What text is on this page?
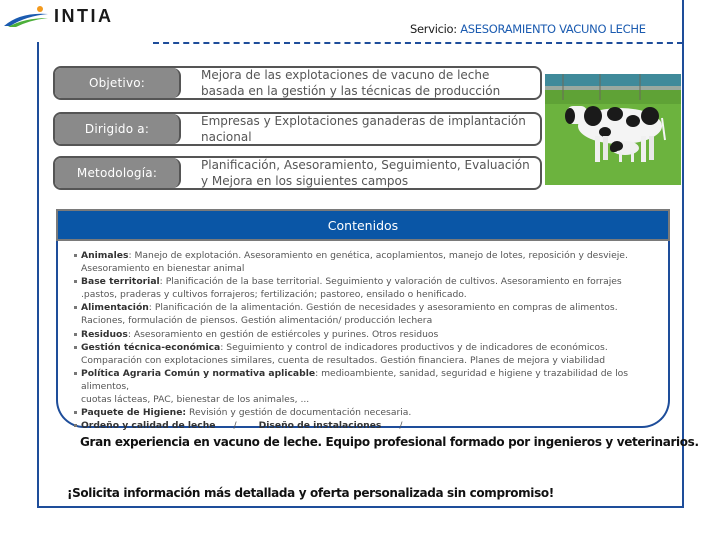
INTIA
Servicio: ASESORAMIENTO VACUNO LECHE
Objetivo:
Mejora de las explotaciones de vacuno de leche
basada en la gestión y las técnicas de producción
Dirigido a:
Empresas y Explotaciones ganaderas de implantación
nacional
Metodología:
Planificación, Asesoramiento, Seguimiento, Evaluación
y Mejora en los siguientes campos
Contenidos
Animales: Manejo de explotación. Asesoramiento en genética, acoplamientos, manejo de lotes, reposición y desvieje.
Asesoramiento en bienestar animal
Base territorial: Planificación de la base territorial. Seguimiento y valoración de cultivos. Asesoramiento en forrajes
.pastos, praderas y cultivos forrajeros; fertilización; pastoreo, ensilado o henificado.
Alimentación: Planificación de la alimentación. Gestión de necesidades y asesoramiento en compras de alimentos.
Raciones, formulación de piensos. Gestión alimentación/ producción lechera
Residuos: Asesoramiento en gestión de estiércoles y purines. Otros residuos
Gestión técnica-económica: Seguimiento y control de indicadores productivos y de indicadores de económicos.
Comparación con explotaciones similares, cuenta de resultados. Gestión financiera. Planes de mejora y viabilidad
Política Agraria Común y normativa aplicable: medioambiente, sanidad, seguridad e higiene y trazabilidad de los alimentos,
cuotas lácteas, PAC, bienestar de los animales, ...
Paquete de Higiene: Revisión y gestión de documentación necesaria.
Ordeño y calidad de leche / Diseño de instalaciones /
Gran experiencia en vacuno de leche. Equipo profesional formado por ingenieros y veterinarios.
¡Solicita información más detallada y oferta personalizada sin compromiso!
